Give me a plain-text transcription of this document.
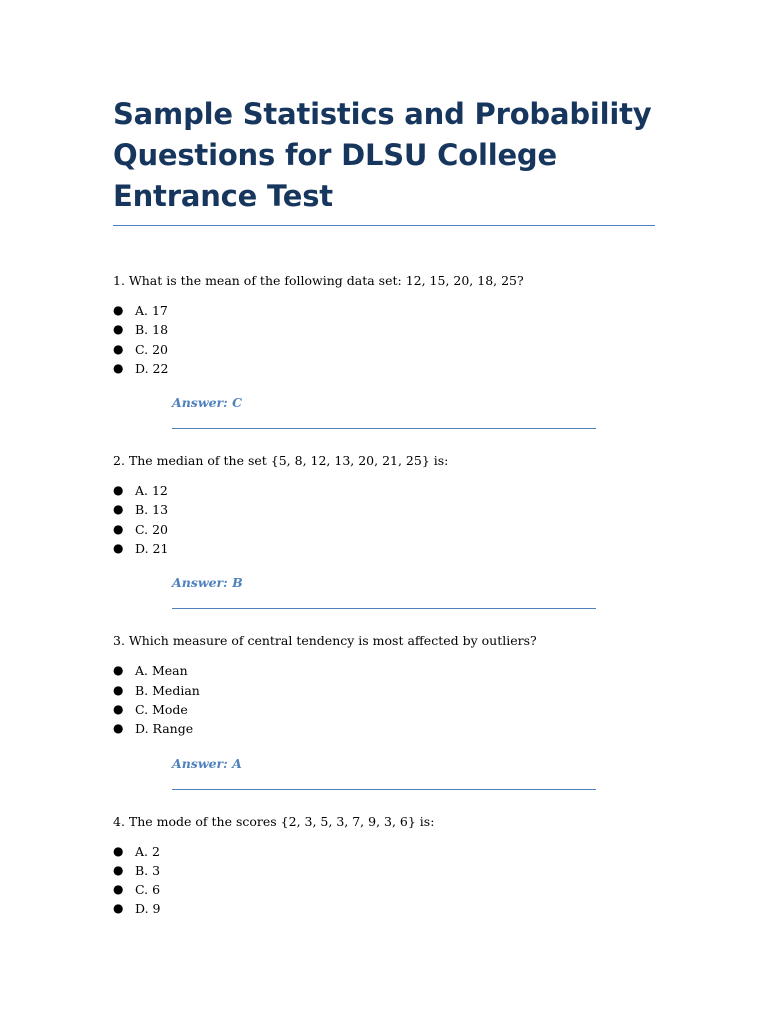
Sample Statistics and Probability Questions for DLSU College Entrance Test

1. What is the mean of the following data set: 12, 15, 20, 18, 25?

● A. 17
● B. 18
● C. 20
● D. 22
Answer: C

2. The median of the set {5, 8, 12, 13, 20, 21, 25} is:

● A. 12
● B. 13
● C. 20
● D. 21
Answer: B

3. Which measure of central tendency is most affected by outliers?

● A. Mean
● B. Median
● C. Mode
● D. Range
Answer: A

4. The mode of the scores {2, 3, 5, 3, 7, 9, 3, 6} is:

● A. 2
● B. 3
● C. 6
● D. 9
